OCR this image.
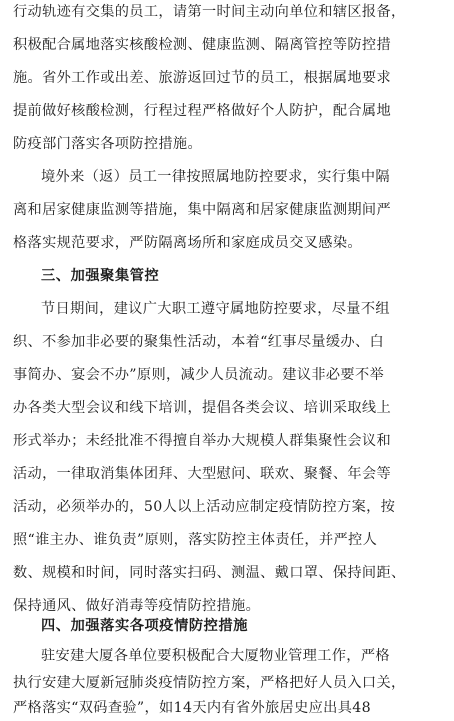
行动轨迹有交集的员工，请第一时间主动向单位和辖区报备，
积极配合属地落实核酸检测、健康监测、隔离管控等防控措
施。省外工作或出差、旅游返回过节的员工，根据属地要求
提前做好核酸检测，行程过程严格做好个人防护，配合属地
防疫部门落实各项防控措施。
境外来（返）员工一律按照属地防控要求，实行集中隔
离和居家健康监测等措施，集中隔离和居家健康监测期间严
格落实规范要求，严防隔离场所和家庭成员交叉感染。
三、加强聚集管控
节日期间，建议广大职工遵守属地防控要求，尽量不组
织、不参加非必要的聚集性活动，本着“红事尽量缓办、白
事简办、宴会不办”原则，减少人员流动。建议非必要不举
办各类大型会议和线下培训，提倡各类会议、培训采取线上
形式举办；未经批准不得擅自举办大规模人群集聚性会议和
活动，一律取消集体团拜、大型慰问、联欢、聚餐、年会等
活动，必须举办的，50人以上活动应制定疫情防控方案，按
照“谁主办、谁负责”原则，落实防控主体责任，并严控人
数、规模和时间，同时落实扫码、测温、戴口罩、保持间距、
保持通风、做好消毒等疫情防控措施。
四、加强落实各项疫情防控措施
驻安建大厦各单位要积极配合大厦物业管理工作，严格
执行安建大厦新冠肺炎疫情防控方案，严格把好人员入口关，
严格落实“双码查验”，如14天内有省外旅居史应出具48
